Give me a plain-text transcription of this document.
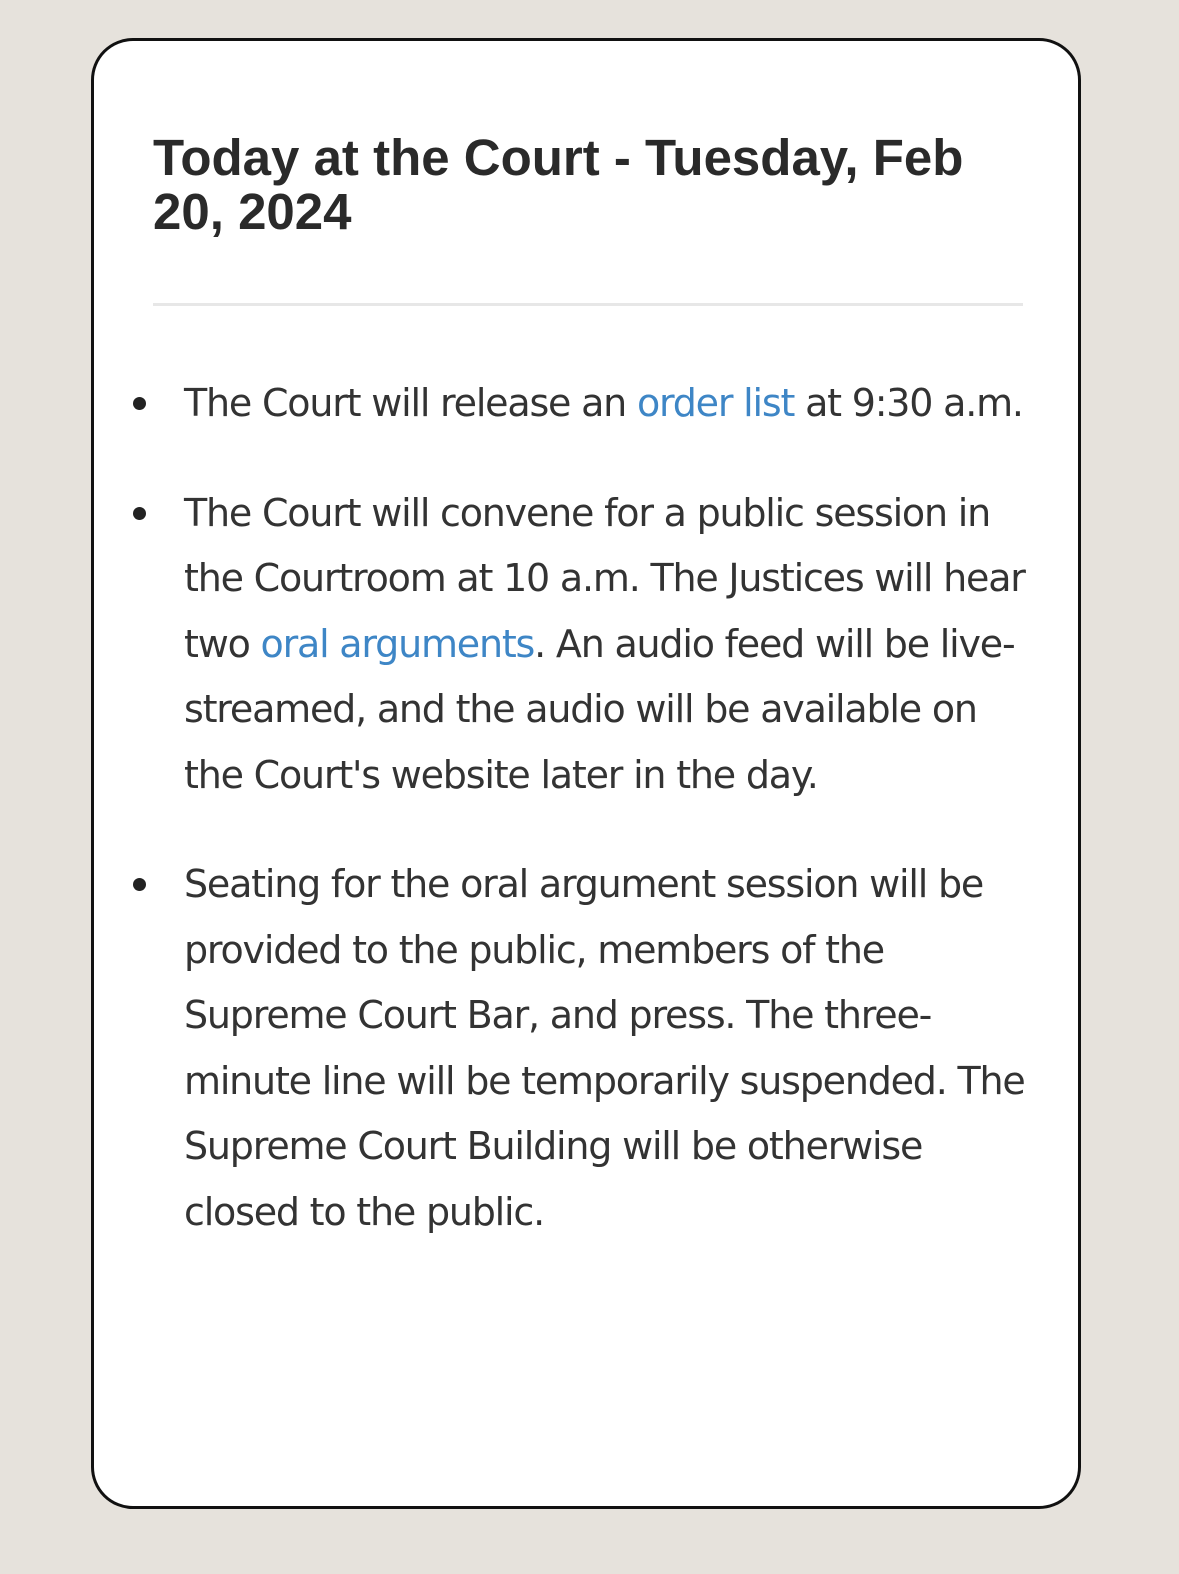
Today at the Court - Tuesday, Feb 20, 2024
The Court will release an order list at 9:30 a.m.
The Court will convene for a public session in the Courtroom at 10 a.m. The Justices will hear two oral arguments. An audio feed will be live-streamed, and the audio will be available on the Court's website later in the day.
Seating for the oral argument session will be provided to the public, members of the Supreme Court Bar, and press. The three-minute line will be temporarily suspended. The Supreme Court Building will be otherwise closed to the public.
